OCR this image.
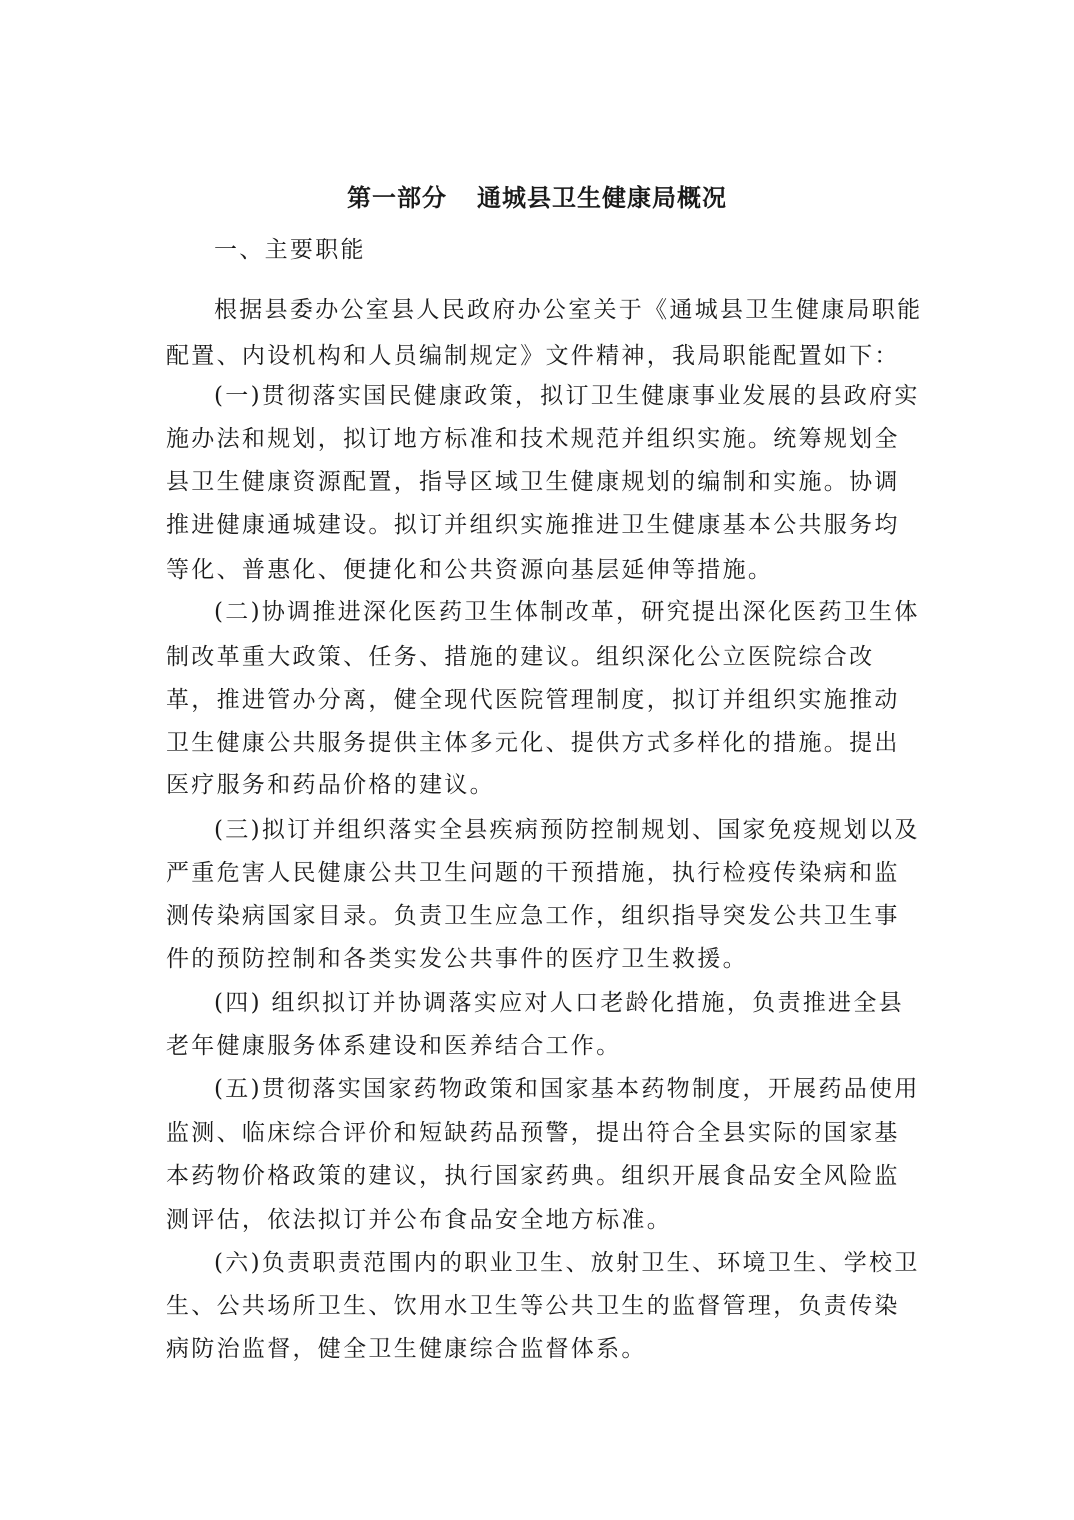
第一部分 通城县卫生健康局概况
一、主要职能
根据县委办公室县人民政府办公室关于《通城县卫生健康局职能
配置、内设机构和人员编制规定》文件精神，我局职能配置如下：
(一)贯彻落实国民健康政策，拟订卫生健康事业发展的县政府实
施办法和规划，拟订地方标准和技术规范并组织实施。统筹规划全
县卫生健康资源配置，指导区域卫生健康规划的编制和实施。协调
推进健康通城建设。拟订并组织实施推进卫生健康基本公共服务均
等化、普惠化、便捷化和公共资源向基层延伸等措施。
(二)协调推进深化医药卫生体制改革，研究提出深化医药卫生体
制改革重大政策、任务、措施的建议。组织深化公立医院综合改
革，推进管办分离，健全现代医院管理制度，拟订并组织实施推动
卫生健康公共服务提供主体多元化、提供方式多样化的措施。提出
医疗服务和药品价格的建议。
(三)拟订并组织落实全县疾病预防控制规划、国家免疫规划以及
严重危害人民健康公共卫生问题的干预措施，执行检疫传染病和监
测传染病国家目录。负责卫生应急工作，组织指导突发公共卫生事
件的预防控制和各类实发公共事件的医疗卫生救援。
(四) 组织拟订并协调落实应对人口老龄化措施，负责推进全县
老年健康服务体系建设和医养结合工作。
(五)贯彻落实国家药物政策和国家基本药物制度，开展药品使用
监测、临床综合评价和短缺药品预警，提出符合全县实际的国家基
本药物价格政策的建议，执行国家药典。组织开展食品安全风险监
测评估，依法拟订并公布食品安全地方标准。
(六)负责职责范围内的职业卫生、放射卫生、环境卫生、学校卫
生、公共场所卫生、饮用水卫生等公共卫生的监督管理，负责传染
病防治监督，健全卫生健康综合监督体系。
